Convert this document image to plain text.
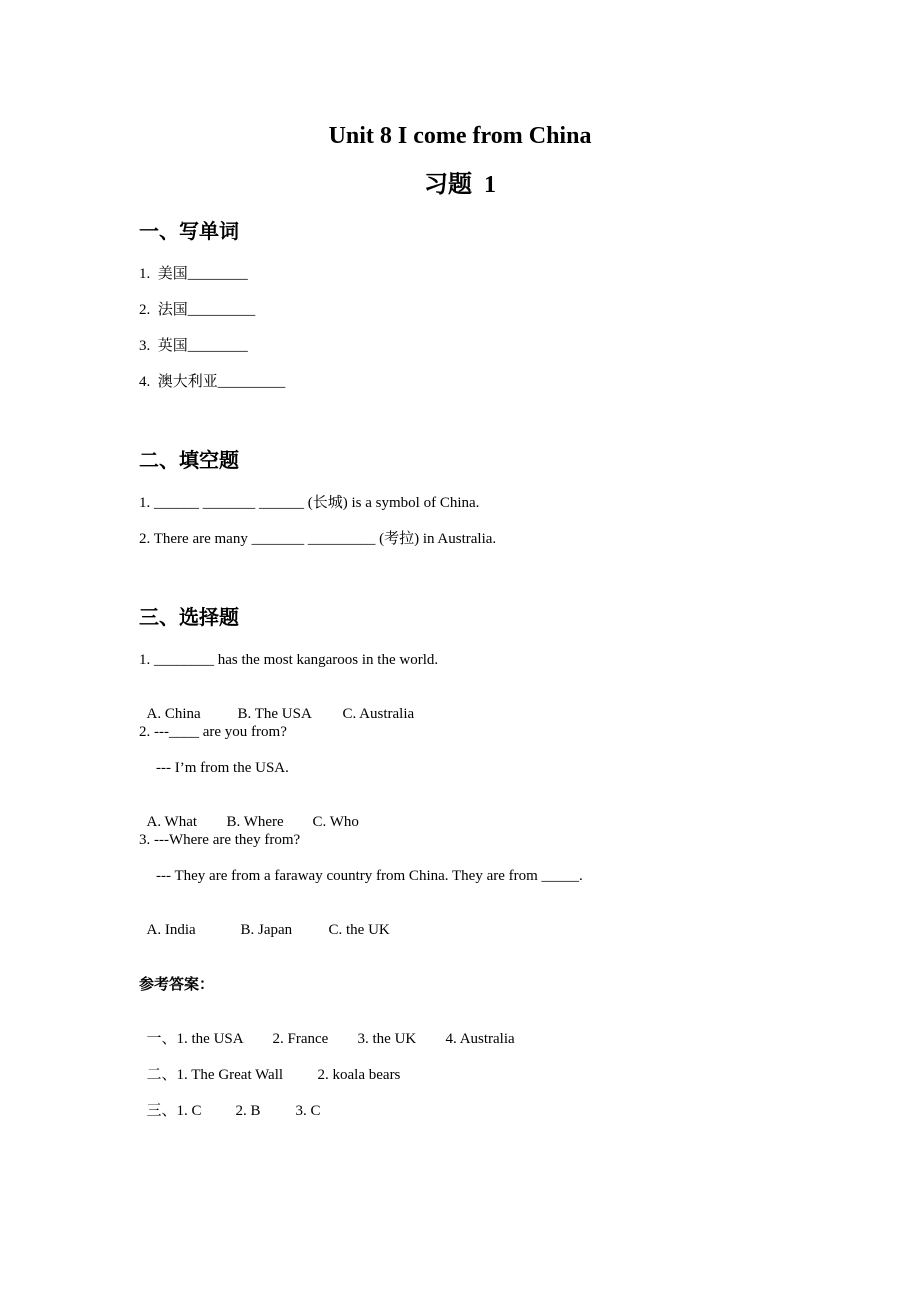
Unit 8 I come from China
习题  1
一、写单词
1.  美国________
2.  法国_________
3.  英国________
4.  澳大利亚_________
二、填空题
1. ______ _______ ______ (长城) is a symbol of China.
2. There are many _______ _________ (考拉) in Australia.
三、选择题
1. ________ has the most kangaroos in the world.

A. China B. The USA C. Australia

2. ---____ are you from?
--- I’m from the USA.

A. What B. Where C. Who

3. ---Where are they from?
--- They are from a faraway country from China. They are from _____.

A. India	B. Japan C. the UK

参考答案：

一、1. the USA 2. France 3. the UK 4. Australia

二、1. The Great Wall 2. koala bears

三、1. C 2. B 3. C
